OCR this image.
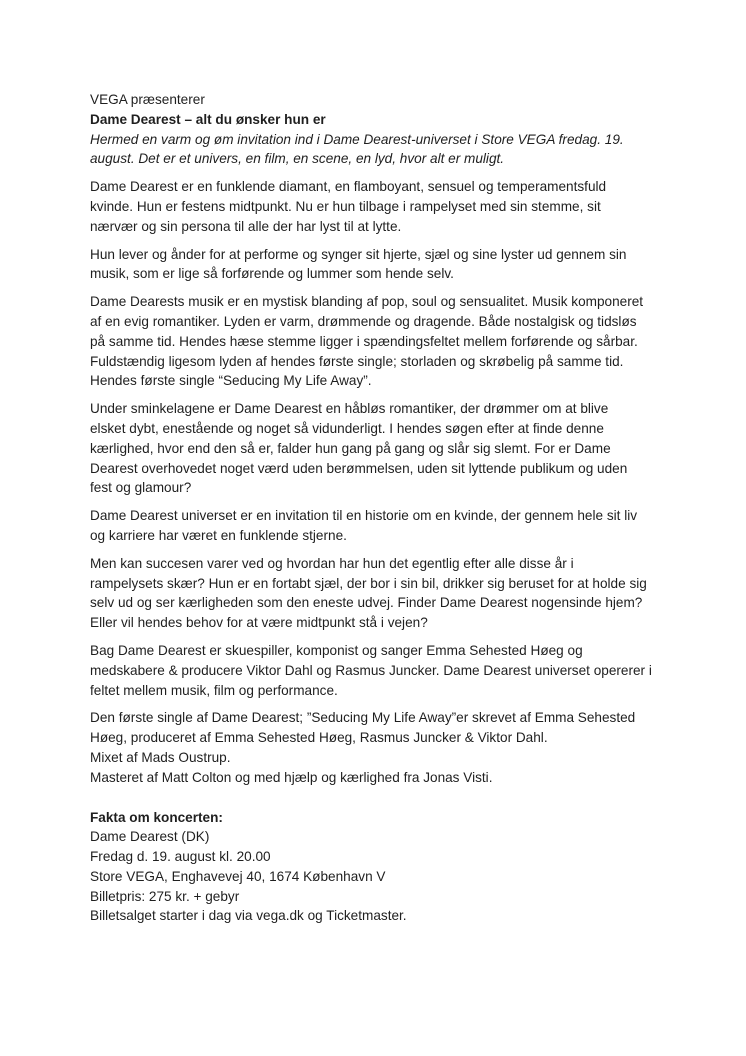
VEGA præsenterer
Dame Dearest – alt du ønsker hun er
Hermed en varm og øm invitation ind i Dame Dearest-universet i Store VEGA fredag. 19.
august. Det er et univers, en film, en scene, en lyd, hvor alt er muligt.
Dame Dearest er en funklende diamant, en flamboyant, sensuel og temperamentsfuld
kvinde. Hun er festens midtpunkt. Nu er hun tilbage i rampelyset med sin stemme, sit
nærvær og sin persona til alle der har lyst til at lytte.
Hun lever og ånder for at performe og synger sit hjerte, sjæl og sine lyster ud gennem sin
musik, som er lige så forførende og lummer som hende selv.
Dame Dearests musik er en mystisk blanding af pop, soul og sensualitet. Musik komponeret
af en evig romantiker. Lyden er varm, drømmende og dragende. Både nostalgisk og tidsløs
på samme tid. Hendes hæse stemme ligger i spændingsfeltet mellem forførende og sårbar.
Fuldstændig ligesom lyden af hendes første single; storladen og skrøbelig på samme tid.
Hendes første single “Seducing My Life Away”.
Under sminkelagene er Dame Dearest en håbløs romantiker, der drømmer om at blive
elsket dybt, enestående og noget så vidunderligt. I hendes søgen efter at finde denne
kærlighed, hvor end den så er, falder hun gang på gang og slår sig slemt. For er Dame
Dearest overhovedet noget værd uden berømmelsen, uden sit lyttende publikum og uden
fest og glamour?
Dame Dearest universet er en invitation til en historie om en kvinde, der gennem hele sit liv
og karriere har været en funklende stjerne.
Men kan succesen varer ved og hvordan har hun det egentlig efter alle disse år i
rampelysets skær? Hun er en fortabt sjæl, der bor i sin bil, drikker sig beruset for at holde sig
selv ud og ser kærligheden som den eneste udvej. Finder Dame Dearest nogensinde hjem?
Eller vil hendes behov for at være midtpunkt stå i vejen?
Bag Dame Dearest er skuespiller, komponist og sanger Emma Sehested Høeg og
medskabere & producere Viktor Dahl og Rasmus Juncker. Dame Dearest universet opererer i
feltet mellem musik, film og performance.
Den første single af Dame Dearest; ”Seducing My Life Away”er skrevet af Emma Sehested
Høeg, produceret af Emma Sehested Høeg, Rasmus Juncker & Viktor Dahl.
Mixet af Mads Oustrup.
Masteret af Matt Colton og med hjælp og kærlighed fra Jonas Visti.
Fakta om koncerten:
Dame Dearest (DK)
Fredag d. 19. august kl. 20.00
Store VEGA, Enghavevej 40, 1674 København V
Billetpris: 275 kr. + gebyr
Billetsalget starter i dag via vega.dk og Ticketmaster.
